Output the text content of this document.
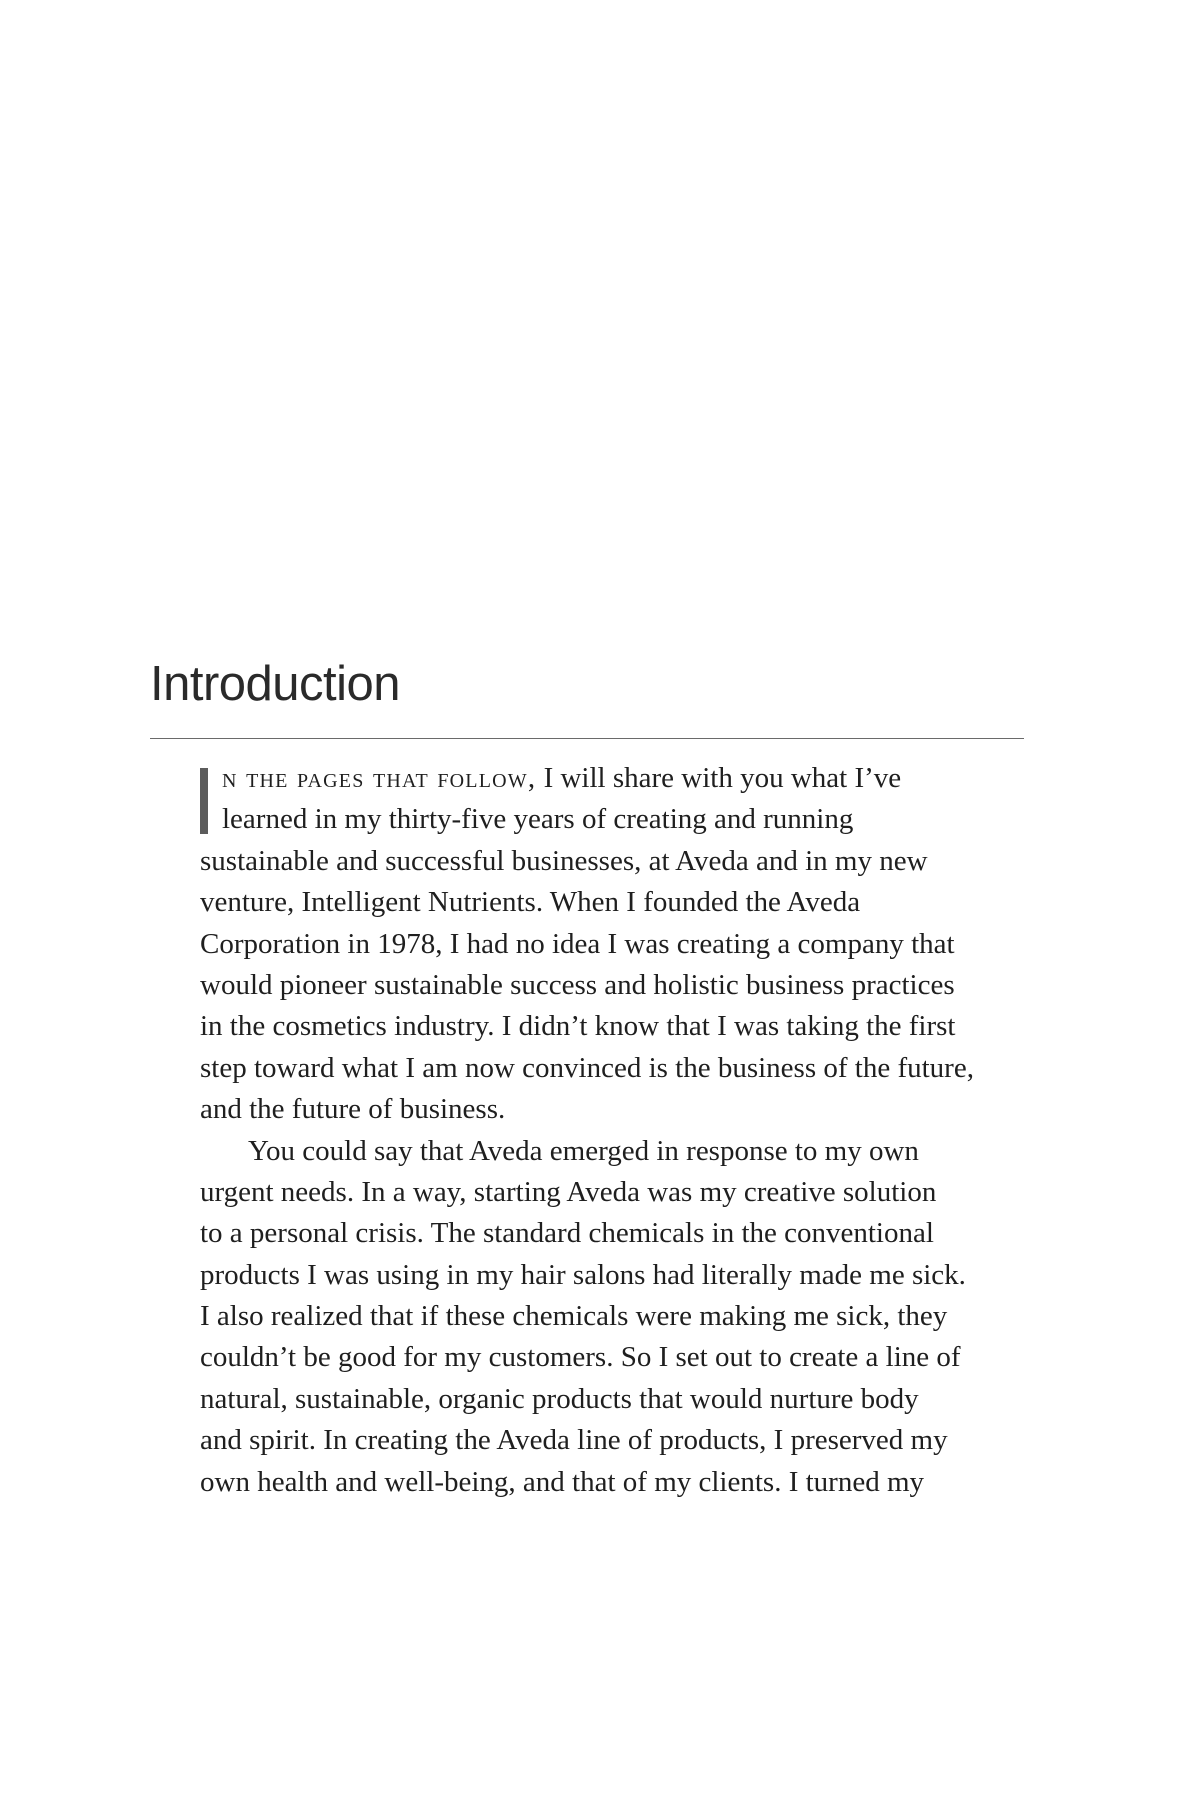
Introduction
n the pages that follow, I will share with you what I’ve
learned in my thirty-five years of creating and running
sustainable and successful businesses, at Aveda and in my new
venture, Intelligent Nutrients. When I founded the Aveda
Corporation in 1978, I had no idea I was creating a company that
would pioneer sustainable success and holistic business practices
in the cosmetics industry. I didn’t know that I was taking the first
step toward what I am now convinced is the business of the future,
and the future of business.
You could say that Aveda emerged in response to my own
urgent needs. In a way, starting Aveda was my creative solution
to a personal crisis. The standard chemicals in the conventional
products I was using in my hair salons had literally made me sick.
I also realized that if these chemicals were making me sick, they
couldn’t be good for my customers. So I set out to create a line of
natural, sustainable, organic products that would nurture body
and spirit. In creating the Aveda line of products, I preserved my
own health and well-being, and that of my clients. I turned my
